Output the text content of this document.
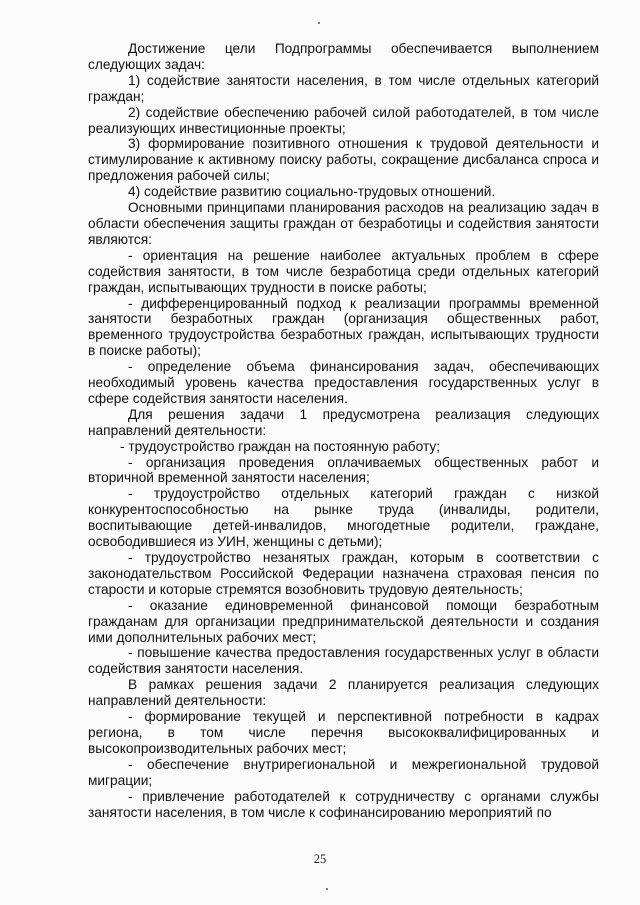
Достижение цели Подпрограммы обеспечивается выполнением следующих задач:

1) содействие занятости населения, в том числе отдельных категорий граждан;

2) содействие обеспечению рабочей силой работодателей, в том числе реализующих инвестиционные проекты;

3) формирование позитивного отношения к трудовой деятельности и стимулирование к активному поиску работы, сокращение дисбаланса спроса и предложения рабочей силы;

4) содействие развитию социально-трудовых отношений.

Основными принципами планирования расходов на реализацию задач в области обеспечения защиты граждан от безработицы и содействия занятости являются:

- ориентация на решение наиболее актуальных проблем в сфере содействия занятости, в том числе безработица среди отдельных категорий граждан, испытывающих трудности в поиске работы;

- дифференцированный подход к реализации программы временной занятости безработных граждан (организация общественных работ, временного трудоустройства безработных граждан, испытывающих трудности в поиске работы);

- определение объема финансирования задач, обеспечивающих необходимый уровень качества предоставления государственных услуг в сфере содействия занятости населения.

Для решения задачи 1 предусмотрена реализация следующих направлений деятельности:

- трудоустройство граждан на постоянную работу;

- организация проведения оплачиваемых общественных работ и вторичной временной занятости населения;

- трудоустройство отдельных категорий граждан с низкой конкурентоспособностью на рынке труда (инвалиды, родители, воспитывающие детей-инвалидов, многодетные родители, граждане, освободившиеся из УИН, женщины с детьми);

- трудоустройство незанятых граждан, которым в соответствии с законодательством Российской Федерации назначена страховая пенсия по старости и которые стремятся возобновить трудовую деятельность;

- оказание единовременной финансовой помощи безработным гражданам для организации предпринимательской деятельности и создания ими дополнительных рабочих мест;

- повышение качества предоставления государственных услуг в области содействия занятости населения.

В рамках решения задачи 2 планируется реализация следующих направлений деятельности:

- формирование текущей и перспективной потребности в кадрах региона, в том числе перечня высококвалифицированных и высокопроизводительных рабочих мест;

- обеспечение внутрирегиональной и межрегиональной трудовой миграции;

- привлечение работодателей к сотрудничеству с органами службы занятости населения, в том числе к софинансированию мероприятий по

25
